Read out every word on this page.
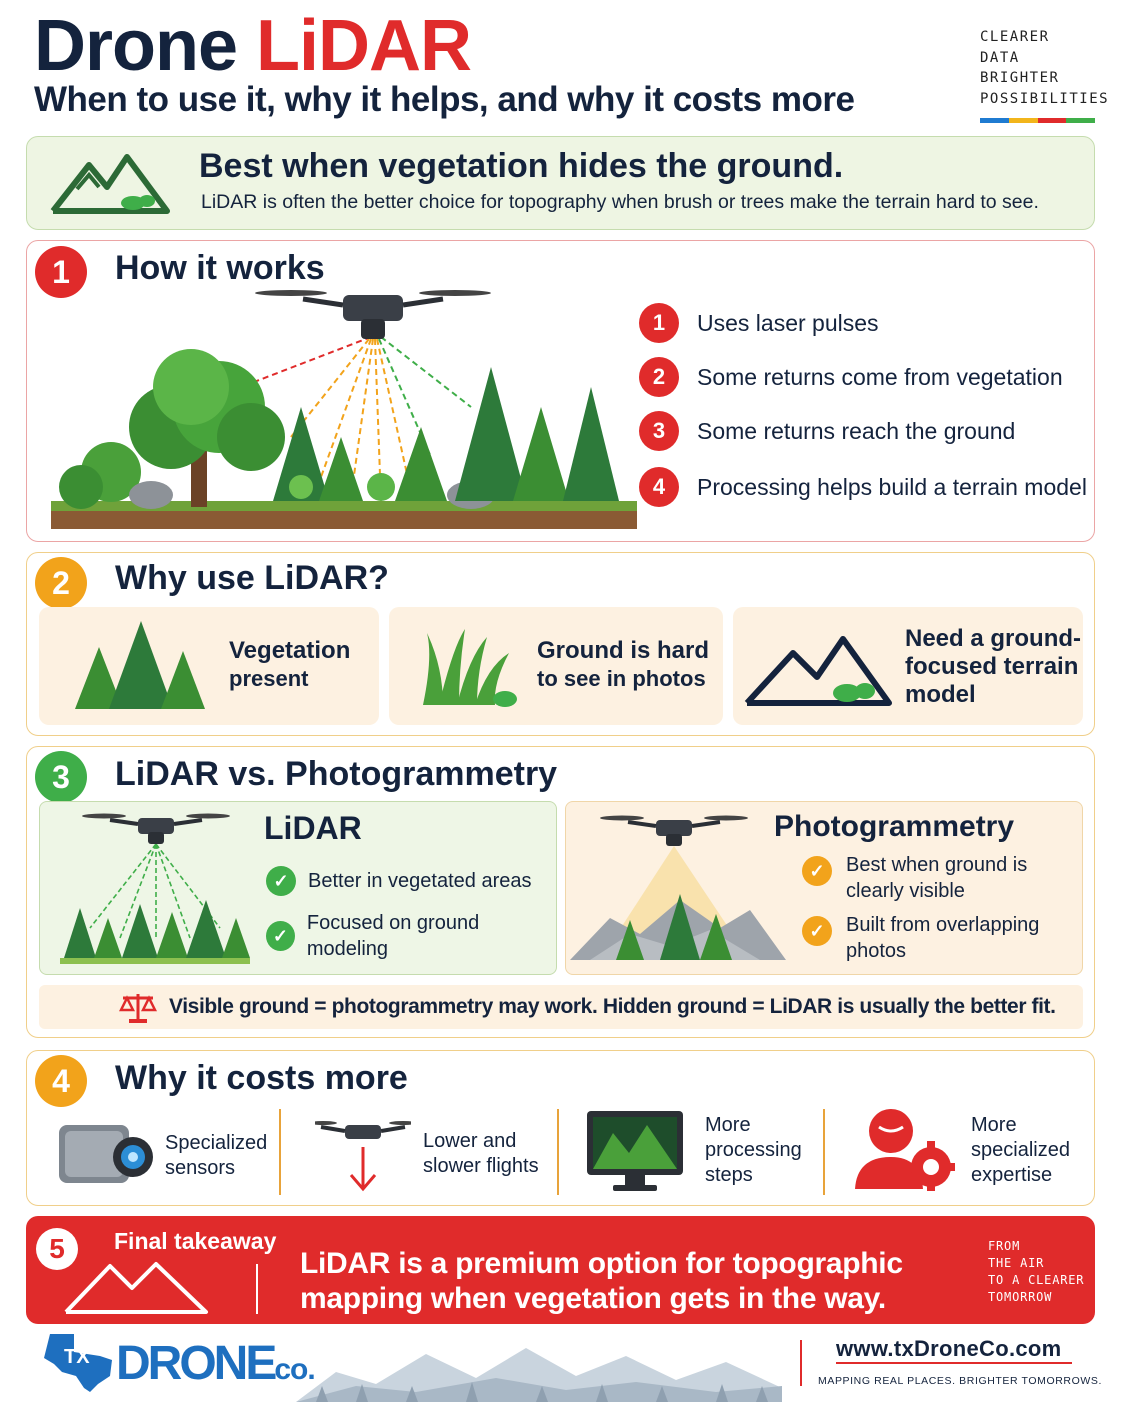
Drone LiDAR
When to use it, why it helps, and why it costs more
CLEARER
DATA
BRIGHTER
POSSIBILITIES
Best when vegetation hides the ground.
LiDAR is often the better choice for topography when brush or trees make the terrain hard to see.
1	How it works
1	Uses laser pulses
2	Some returns come from vegetation
3	Some returns reach the ground
4	Processing helps build a terrain model
2	Why use LiDAR?
Vegetation
present
Ground is hard
to see in photos
Need a ground-
focused terrain
model
3	LiDAR vs. Photogrammetry
LiDAR
✓ Better in vegetated areas
✓
Focused on ground modeling
Photogrammetry
✓	Best when ground is
clearly visible
✓	Built from overlapping
photos
Visible ground = photogrammetry may work. Hidden ground = LiDAR is usually the better fit.
4	Why it costs more
Specialized
sensors
Lower and
slower flights
More
processing
steps
More
specialized
expertise
5	Final takeaway
LiDAR is a premium option for topographic
mapping when vegetation gets in the way.
FROM
THE AIR
TO A CLEARER
TOMORROW
TX DRONEco.
www.txDroneCo.com
MAPPING REAL PLACES. BRIGHTER TOMORROWS.
